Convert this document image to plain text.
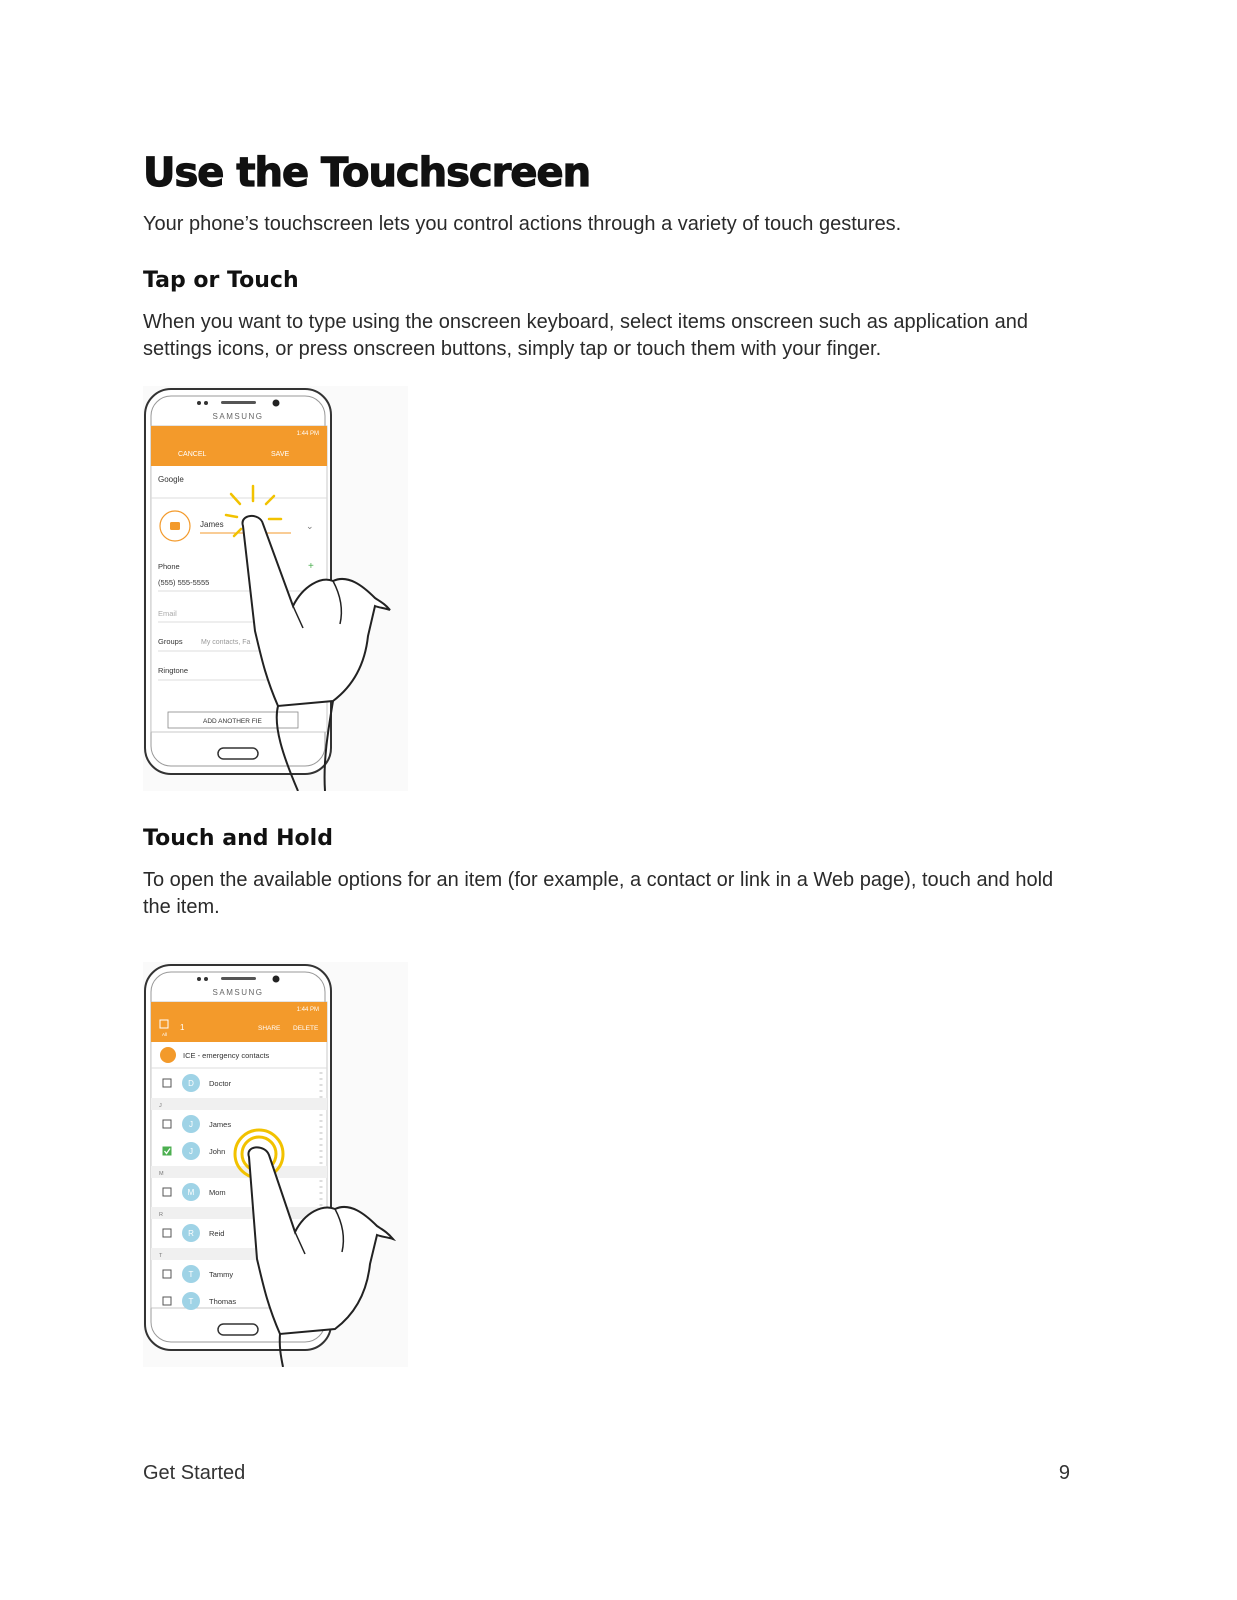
Use the Touchscreen

Your phone’s touchscreen lets you control actions through a variety of touch gestures.

Tap or Touch

When you want to type using the onscreen keyboard, select items onscreen such as application and settings icons, or press onscreen buttons, simply tap or touch them with your finger.

SAMSUNG
1:44 PM
CANCEL	SAVE
Google
James	⌄
Phone	+
(555) 555-5555
Email
Groups	My contacts, Fa
Ringtone
ADD ANOTHER FIE
Touch and Hold

To open the available options for an item (for example, a contact or link in a Web page), touch and hold the item.

SAMSUNG
1:44 PM
All
1	SHARE DELETE
ICE - emergency contacts
D Doctor
J
J James
J John
M
M Mom
R
R Reid
T
T Tammy
T Thomas
Get Started	9
